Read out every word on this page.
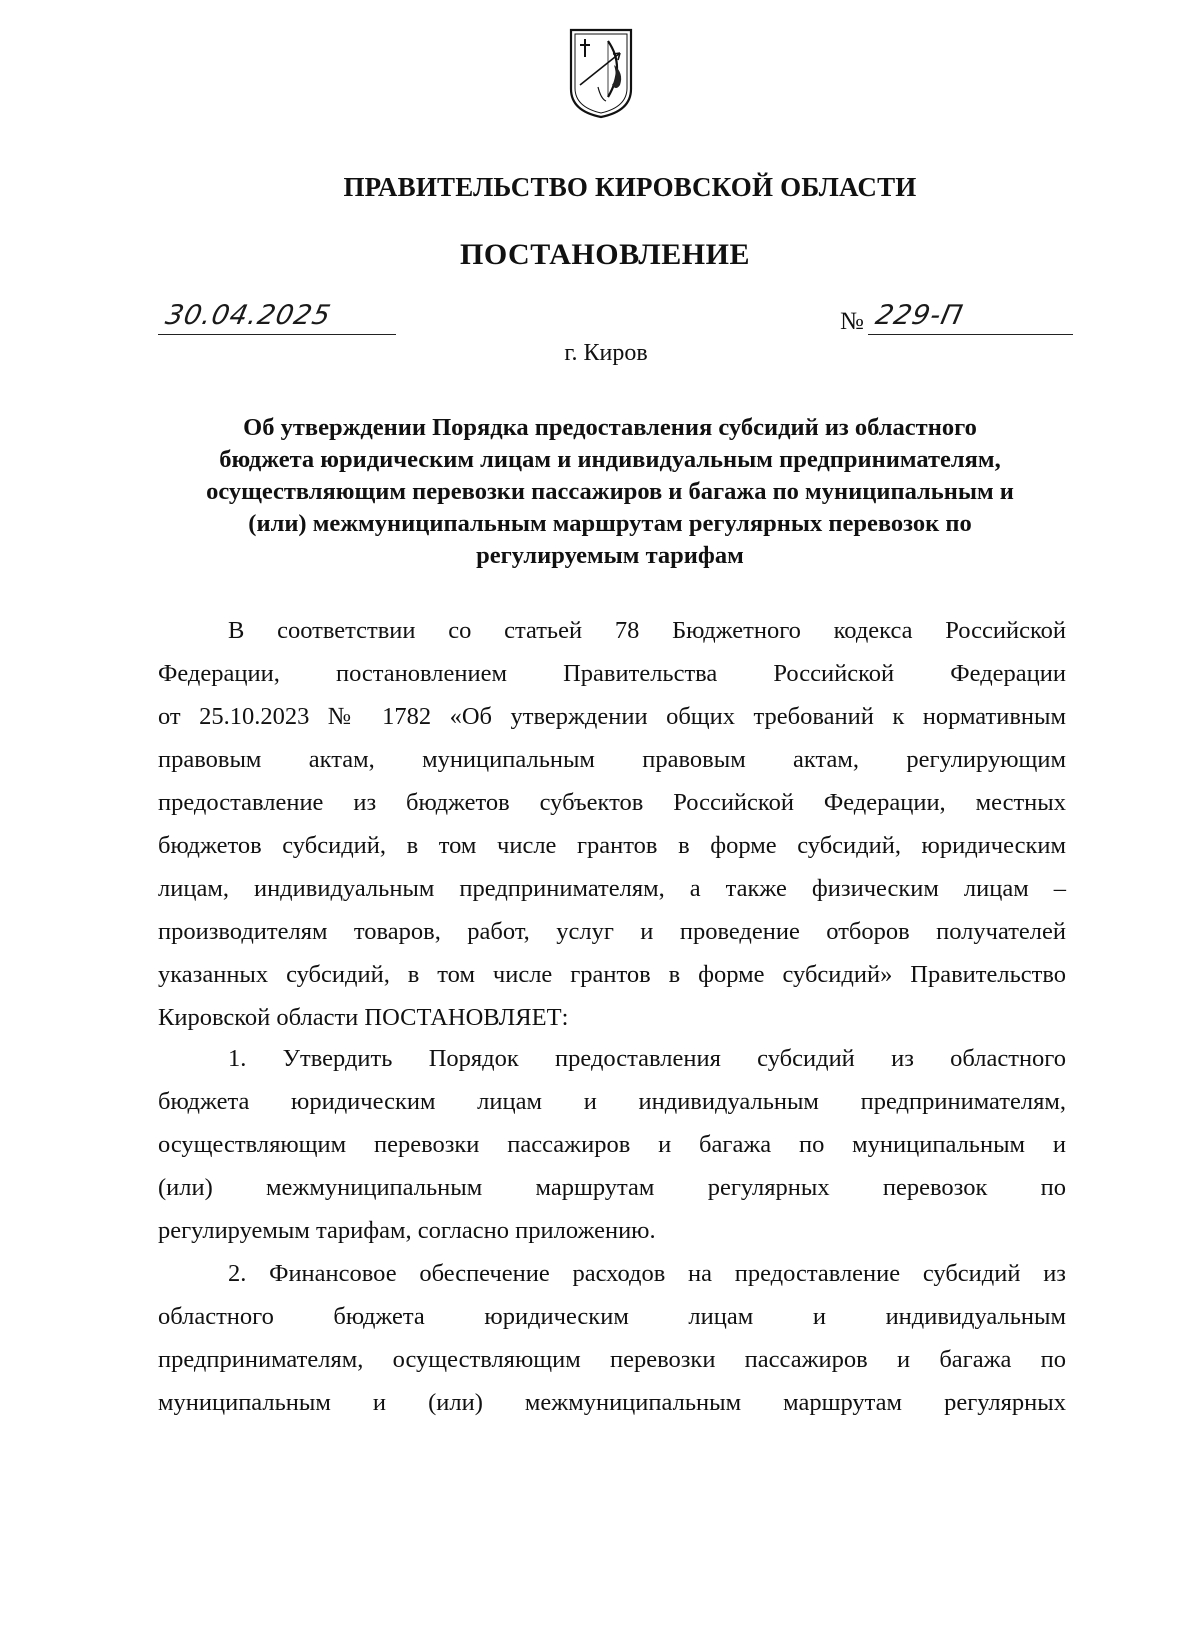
ПРАВИТЕЛЬСТВО КИРОВСКОЙ ОБЛАСТИ
ПОСТАНОВЛЕНИЕ
30.04.2025	№ 229-П
г. Киров
Об утверждении Порядка предоставления субсидий из областного
бюджета юридическим лицам и индивидуальным предпринимателям,
осуществляющим перевозки пассажиров и багажа по муниципальным и
(или) межмуниципальным маршрутам регулярных перевозок по
регулируемым тарифам

В соответствии со статьей 78 Бюджетного кодекса Российской
Федерации, постановлением Правительства Российской Федерации
от 25.10.2023 № 1782 «Об утверждении общих требований к нормативным
правовым актам, муниципальным правовым актам, регулирующим
предоставление из бюджетов субъектов Российской Федерации, местных
бюджетов субсидий, в том числе грантов в форме субсидий, юридическим
лицам, индивидуальным предпринимателям, а также физическим лицам –
производителям товаров, работ, услуг и проведение отборов получателей
указанных субсидий, в том числе грантов в форме субсидий» Правительство
Кировской области ПОСТАНОВЛЯЕТ:

1. Утвердить Порядок предоставления субсидий из областного
бюджета юридическим лицам и индивидуальным предпринимателям,
осуществляющим перевозки пассажиров и багажа по муниципальным и
(или) межмуниципальным маршрутам регулярных перевозок по
регулируемым тарифам, согласно приложению.

2. Финансовое обеспечение расходов на предоставление субсидий из
областного бюджета юридическим лицам и индивидуальным
предпринимателям, осуществляющим перевозки пассажиров и багажа по
муниципальным и (или) межмуниципальным маршрутам регулярных
